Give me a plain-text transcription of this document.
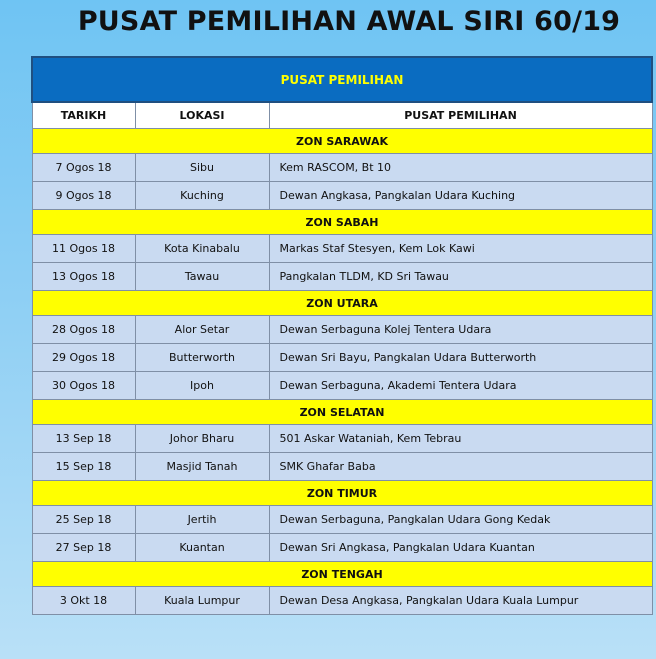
PUSAT PEMILIHAN AWAL SIRI 60/19
PUSAT PEMILIHAN		
TARIKH	LOKASI	PUSAT PEMILIHAN
ZON SARAWAK		
7 Ogos 18	Sibu	Kem RASCOM, Bt 10
9 Ogos 18	Kuching	Dewan Angkasa, Pangkalan Udara Kuching
ZON SABAH		
11 Ogos 18	Kota Kinabalu	Markas Staf Stesyen, Kem Lok Kawi
13 Ogos 18	Tawau	Pangkalan TLDM, KD Sri Tawau
ZON UTARA		
28 Ogos 18	Alor Setar	Dewan Serbaguna Kolej Tentera Udara
29 Ogos 18	Butterworth	Dewan Sri Bayu, Pangkalan Udara Butterworth
30 Ogos 18	Ipoh	Dewan Serbaguna, Akademi Tentera Udara
ZON SELATAN		
13 Sep 18	Johor Bharu	501 Askar Wataniah, Kem Tebrau
15 Sep 18	Masjid Tanah	SMK Ghafar Baba
ZON TIMUR		
25 Sep 18	Jertih	Dewan Serbaguna, Pangkalan Udara Gong Kedak
27 Sep 18	Kuantan	Dewan Sri Angkasa, Pangkalan Udara Kuantan
ZON TENGAH		
3 Okt 18	Kuala Lumpur	Dewan Desa Angkasa, Pangkalan Udara Kuala Lumpur
